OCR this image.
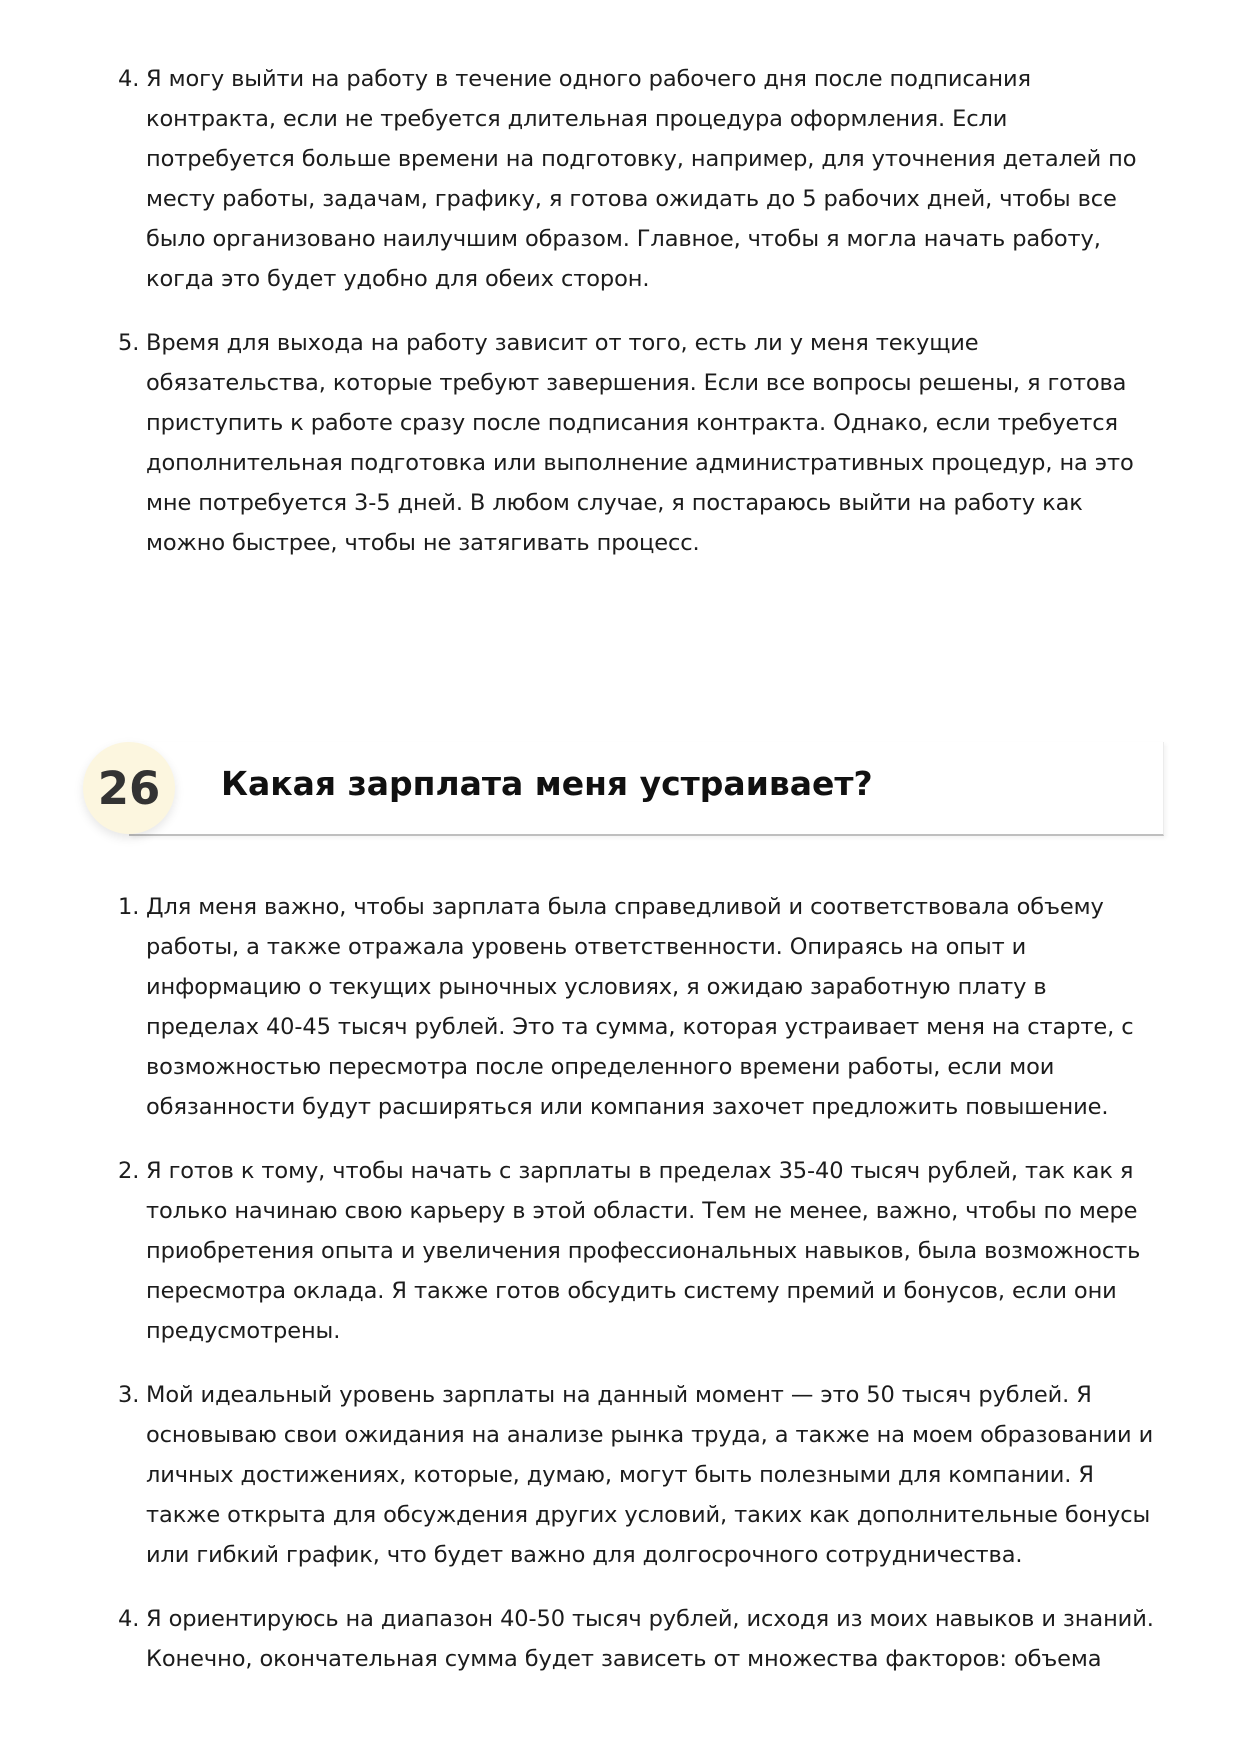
4. Я могу выйти на работу в течение одного рабочего дня после подписания контракта, если не требуется длительная процедура оформления. Если потребуется больше времени на подготовку, например, для уточнения деталей по месту работы, задачам, графику, я готова ожидать до 5 рабочих дней, чтобы все было организовано наилучшим образом. Главное, чтобы я могла начать работу, когда это будет удобно для обеих сторон.
5. Время для выхода на работу зависит от того, есть ли у меня текущие обязательства, которые требуют завершения. Если все вопросы решены, я готова приступить к работе сразу после подписания контракта. Однако, если требуется дополнительная подготовка или выполнение административных процедур, на это мне потребуется 3-5 дней. В любом случае, я постараюсь выйти на работу как можно быстрее, чтобы не затягивать процесс.
26	Какая зарплата меня устраивает?
1. Для меня важно, чтобы зарплата была справедливой и соответствовала объему работы, а также отражала уровень ответственности. Опираясь на опыт и информацию о текущих рыночных условиях, я ожидаю заработную плату в пределах 40-45 тысяч рублей. Это та сумма, которая устраивает меня на старте, с возможностью пересмотра после определенного времени работы, если мои обязанности будут расширяться или компания захочет предложить повышение.
2. Я готов к тому, чтобы начать с зарплаты в пределах 35-40 тысяч рублей, так как я только начинаю свою карьеру в этой области. Тем не менее, важно, чтобы по мере приобретения опыта и увеличения профессиональных навыков, была возможность пересмотра оклада. Я также готов обсудить систему премий и бонусов, если они предусмотрены.
3. Мой идеальный уровень зарплаты на данный момент — это 50 тысяч рублей. Я основываю свои ожидания на анализе рынка труда, а также на моем образовании и личных достижениях, которые, думаю, могут быть полезными для компании. Я также открыта для обсуждения других условий, таких как дополнительные бонусы или гибкий график, что будет важно для долгосрочного сотрудничества.
4. Я ориентируюсь на диапазон 40-50 тысяч рублей, исходя из моих навыков и знаний. Конечно, окончательная сумма будет зависеть от множества факторов: объема
